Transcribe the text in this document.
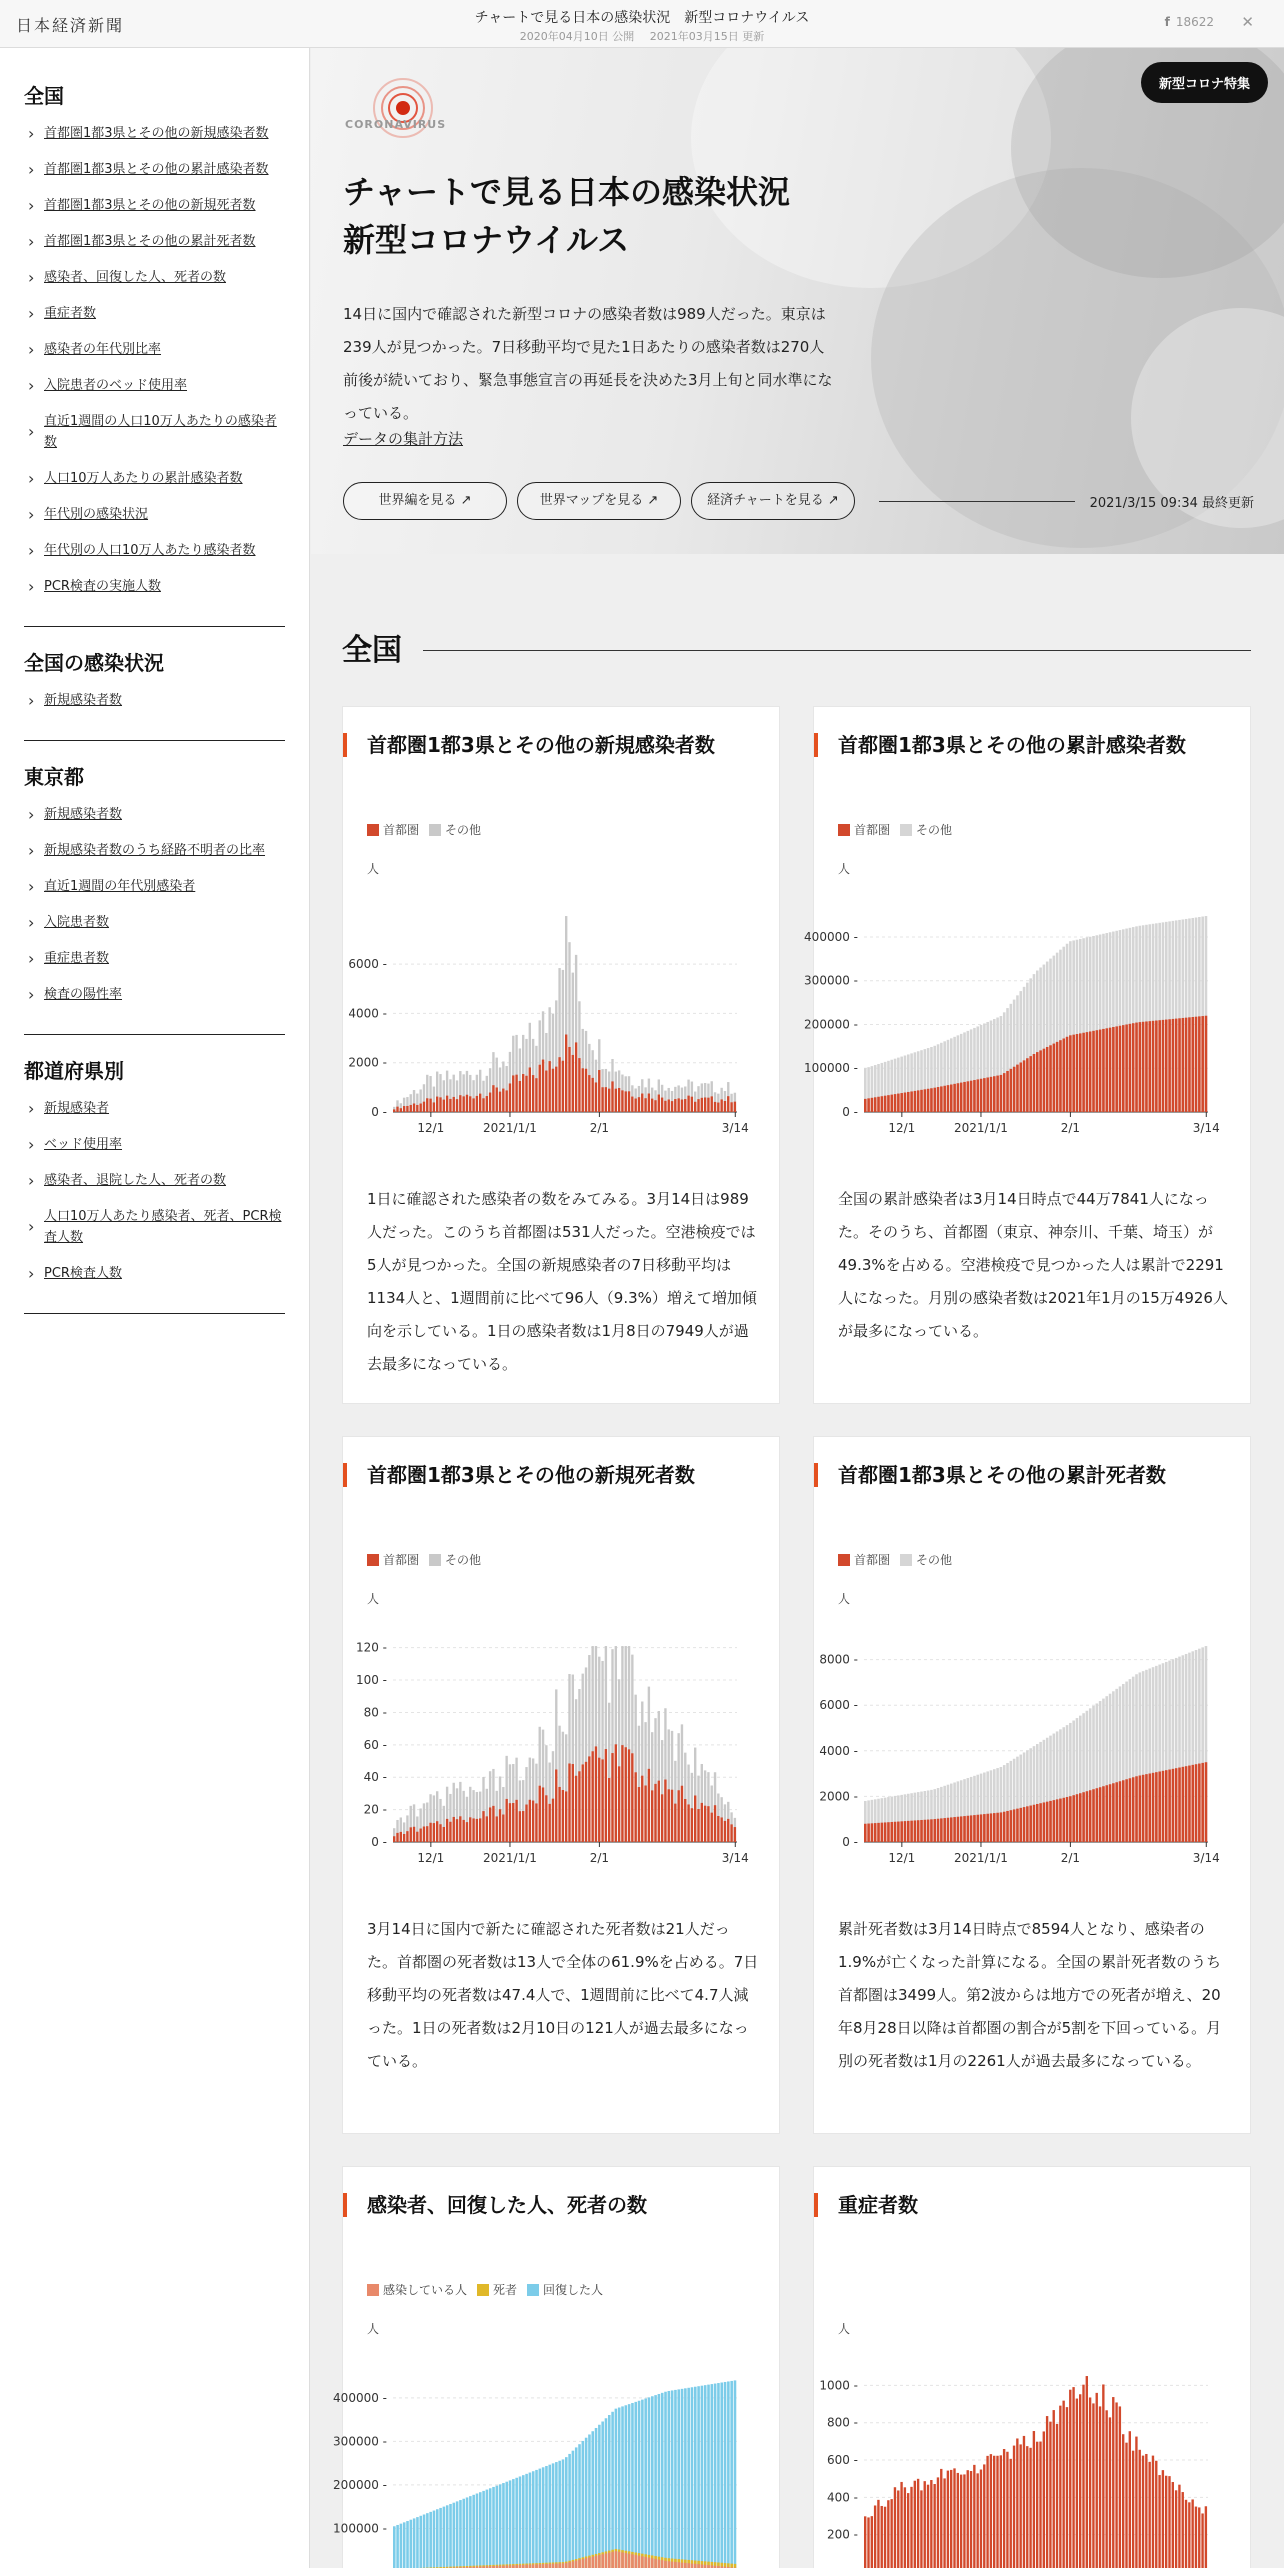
日本経済新聞	チャートで見る日本の感染状況　新型コロナウイルス
2020年04月10日 公開 2021年03月15日 更新
f 18622 ✕
全国
› 首都圏1都3県とその他の新規感染者数
› 首都圏1都3県とその他の累計感染者数
› 首都圏1都3県とその他の新規死者数
› 首都圏1都3県とその他の累計死者数
› 感染者、回復した人、死者の数
› 重症者数
› 感染者の年代別比率
› 入院患者のベッド使用率
› 直近1週間の人口10万人あたりの感染者数
› 人口10万人あたりの累計感染者数
› 年代別の感染状況
› 年代別の人口10万人あたり感染者数
› PCR検査の実施人数
全国の感染状況
› 新規感染者数
東京都
› 新規感染者数
› 新規感染者数のうち経路不明者の比率
› 直近1週間の年代別感染者
› 入院患者数
› 重症患者数
› 検査の陽性率
都道府県別
› 新規感染者
› ベッド使用率
› 感染者、退院した人、死者の数
› 人口10万人あたり感染者、死者、PCR検査人数
› PCR検査人数
CORONAVIRUS
新型コロナ特集
チャートで見る日本の感染状況
新型コロナウイルス
14日に国内で確認された新型コロナの感染者数は989人だった。東京は239人が見つかった。7日移動平均で見た1日あたりの感染者数は270人前後が続いており、緊急事態宣言の再延長を決めた3月上旬と同水準になっている。
データの集計方法
世界編を見る ↗	世界マップを見る ↗	経済チャートを見る ↗	2021/3/15 09:34 最終更新
全国
首都圏1都3県とその他の新規感染者数
首都圏 その他
人
0 -
2000 -
4000 -
6000 -
12/1	2021/1/1	2/1	3/14
1日に確認された感染者の数をみてみる。3月14日は989人だった。このうち首都圏は531人だった。空港検疫では5人が見つかった。全国の新規感染者の7日移動平均は1134人と、1週間前に比べて96人（9.3%）増えて増加傾向を示している。1日の感染者数は1月8日の7949人が過去最多になっている。
首都圏1都3県とその他の累計感染者数
首都圏 その他
人
0 -
100000 -
200000 -
300000 -
400000 -
12/1	2021/1/1	2/1	3/14
全国の累計感染者は3月14日時点で44万7841人になった。そのうち、首都圏（東京、神奈川、千葉、埼玉）が49.3%を占める。空港検疫で見つかった人は累計で2291人になった。月別の感染者数は2021年1月の15万4926人が最多になっている。
首都圏1都3県とその他の新規死者数
首都圏 その他
人
0 -
20 -
40 -
60 -
80 -
100 -
120 -
12/1	2021/1/1	2/1	3/14
3月14日に国内で新たに確認された死者数は21人だった。首都圏の死者数は13人で全体の61.9%を占める。7日移動平均の死者数は47.4人で、1週間前に比べて4.7人減った。1日の死者数は2月10日の121人が過去最多になっている。
首都圏1都3県とその他の累計死者数
首都圏 その他
人
0 -
2000 -
4000 -
6000 -
8000 -
12/1	2021/1/1	2/1	3/14
累計死者数は3月14日時点で8594人となり、感染者の1.9%が亡くなった計算になる。全国の累計死者数のうち首都圏は3499人。第2波からは地方での死者が増え、20年8月28日以降は首都圏の割合が5割を下回っている。月別の死者数は1月の2261人が過去最多になっている。
感染者、回復した人、死者の数
感染している人 死者 回復した人
人
100000 -
200000 -
300000 -
400000 -
重症者数
人
200 -
400 -
600 -
800 -
1000 -
